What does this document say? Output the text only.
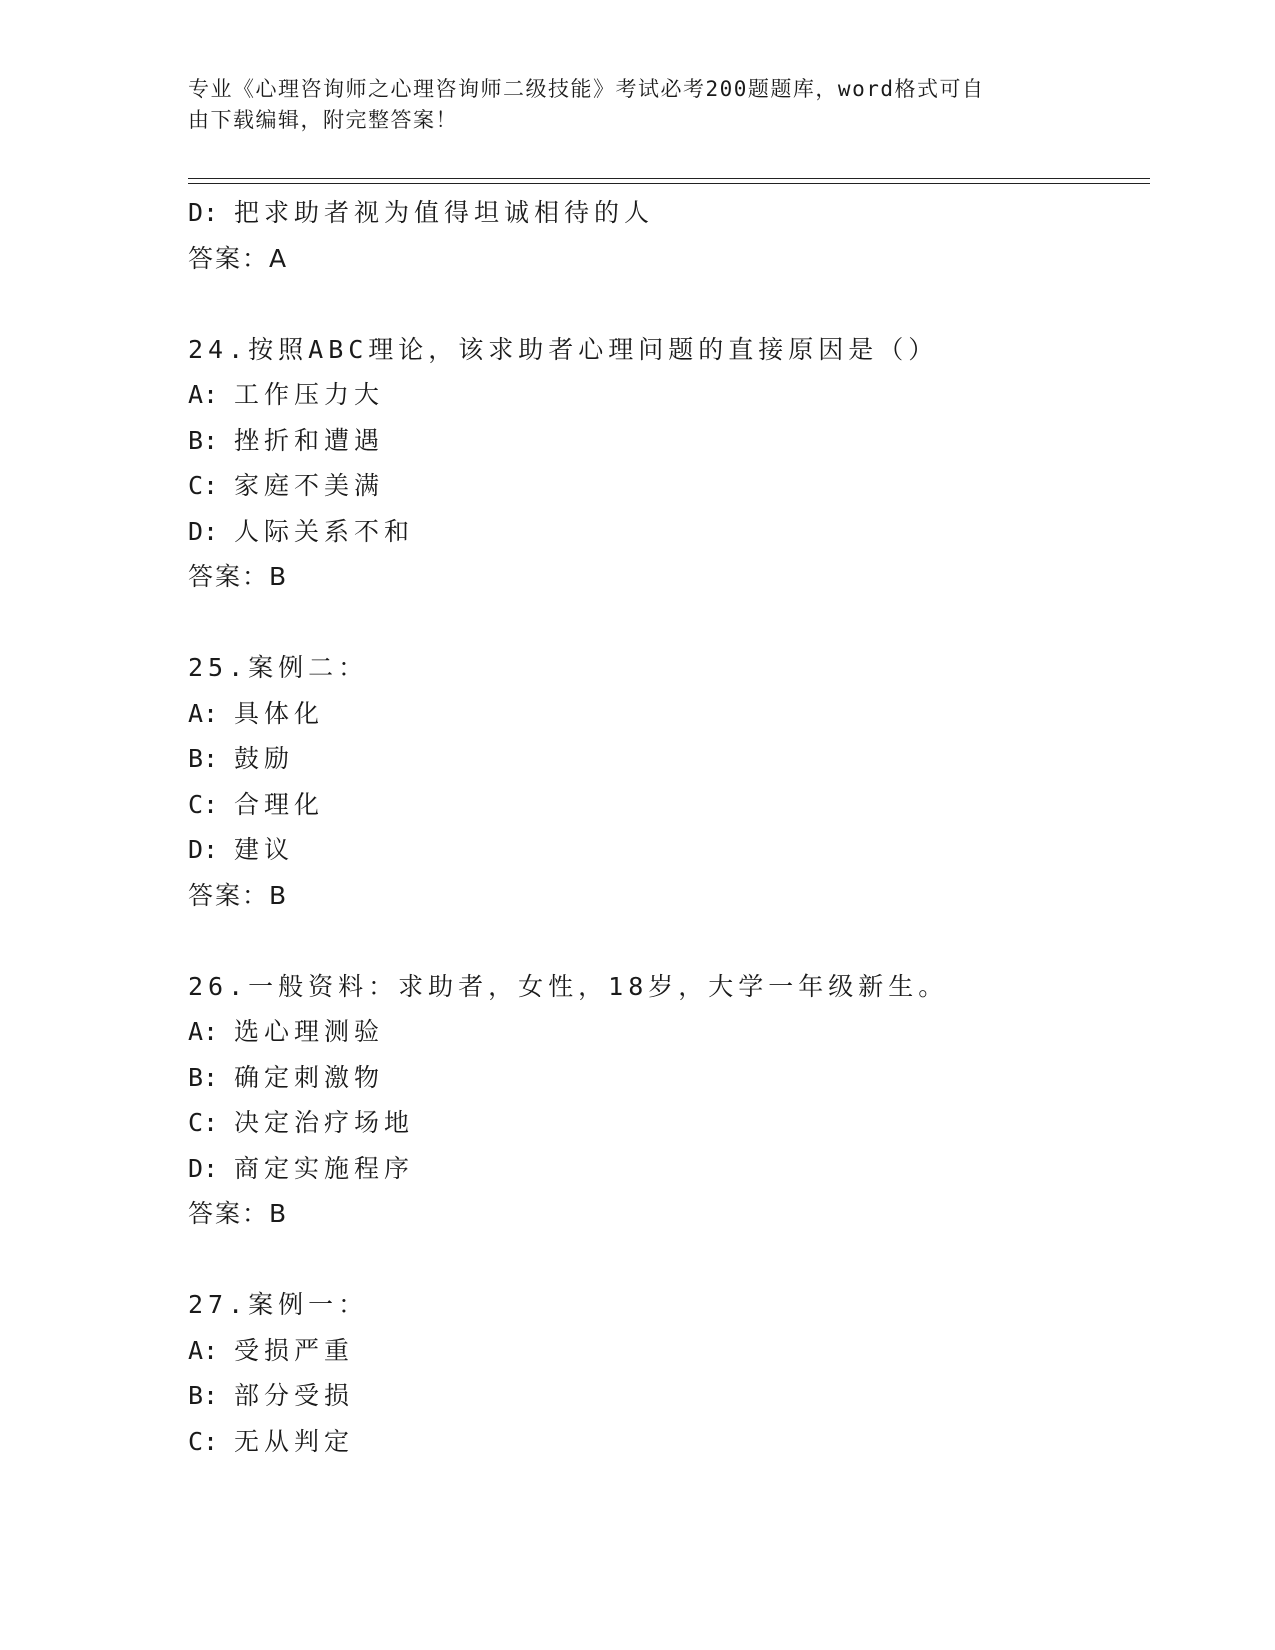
专业《心理咨询师之心理咨询师二级技能》考试必考200题题库，word格式可自
由下载编辑，附完整答案！
D: 把求助者视为值得坦诚相待的人
答案：A
24.按照ABC理论，该求助者心理问题的直接原因是（）
A: 工作压力大
B: 挫折和遭遇
C: 家庭不美满
D: 人际关系不和
答案：B
25.案例二：
A: 具体化
B: 鼓励
C: 合理化
D: 建议
答案：B
26.一般资料：求助者，女性，18岁，大学一年级新生。
A: 选心理测验
B: 确定刺激物
C: 决定治疗场地
D: 商定实施程序
答案：B
27.案例一：
A: 受损严重
B: 部分受损
C: 无从判定
